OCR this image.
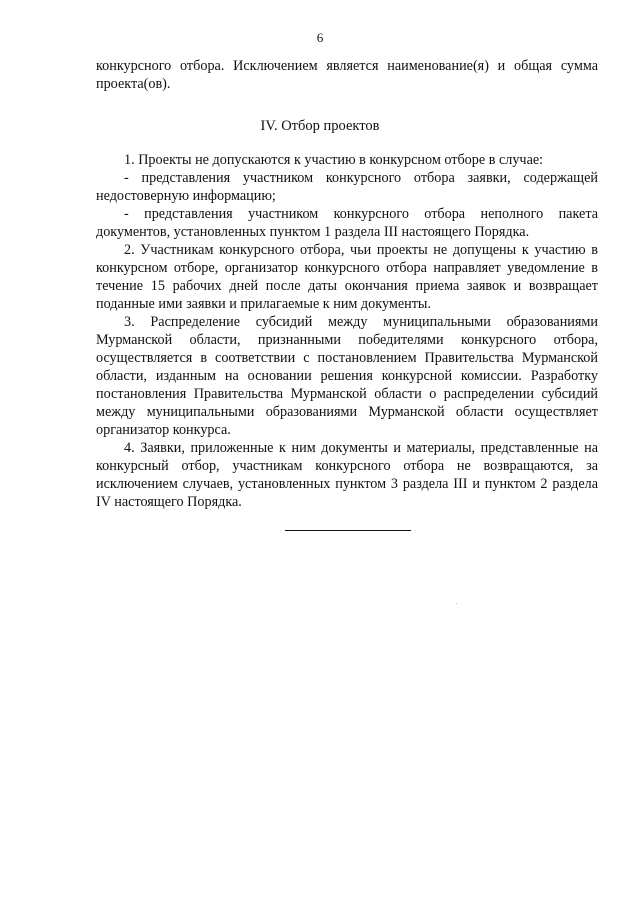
6

конкурсного отбора. Исключением является наименование(я) и общая сумма проекта(ов).

IV. Отбор проектов

1. Проекты не допускаются к участию в конкурсном отборе в случае:

- представления участником конкурсного отбора заявки, содержащей недостоверную информацию;

- представления участником конкурсного отбора неполного пакета документов, установленных пунктом 1 раздела III настоящего Порядка.

2. Участникам конкурсного отбора, чьи проекты не допущены к участию в конкурсном отборе, организатор конкурсного отбора направляет уведомление в течение 15 рабочих дней после даты окончания приема заявок и возвращает поданные ими заявки и прилагаемые к ним документы.

3. Распределение субсидий между муниципальными образованиями Мурманской области, признанными победителями конкурсного отбора, осуществляется в соответствии с постановлением Правительства Мурманской области, изданным на основании решения конкурсной комиссии. Разработку постановления Правительства Мурманской области о распределении субсидий между муниципальными образованиями Мурманской области осуществляет организатор конкурса.

4. Заявки, приложенные к ним документы и материалы, представленные на конкурсный отбор, участникам конкурсного отбора не возвращаются, за исключением случаев, установленных пунктом 3 раздела III и пунктом 2 раздела IV настоящего Порядка.
